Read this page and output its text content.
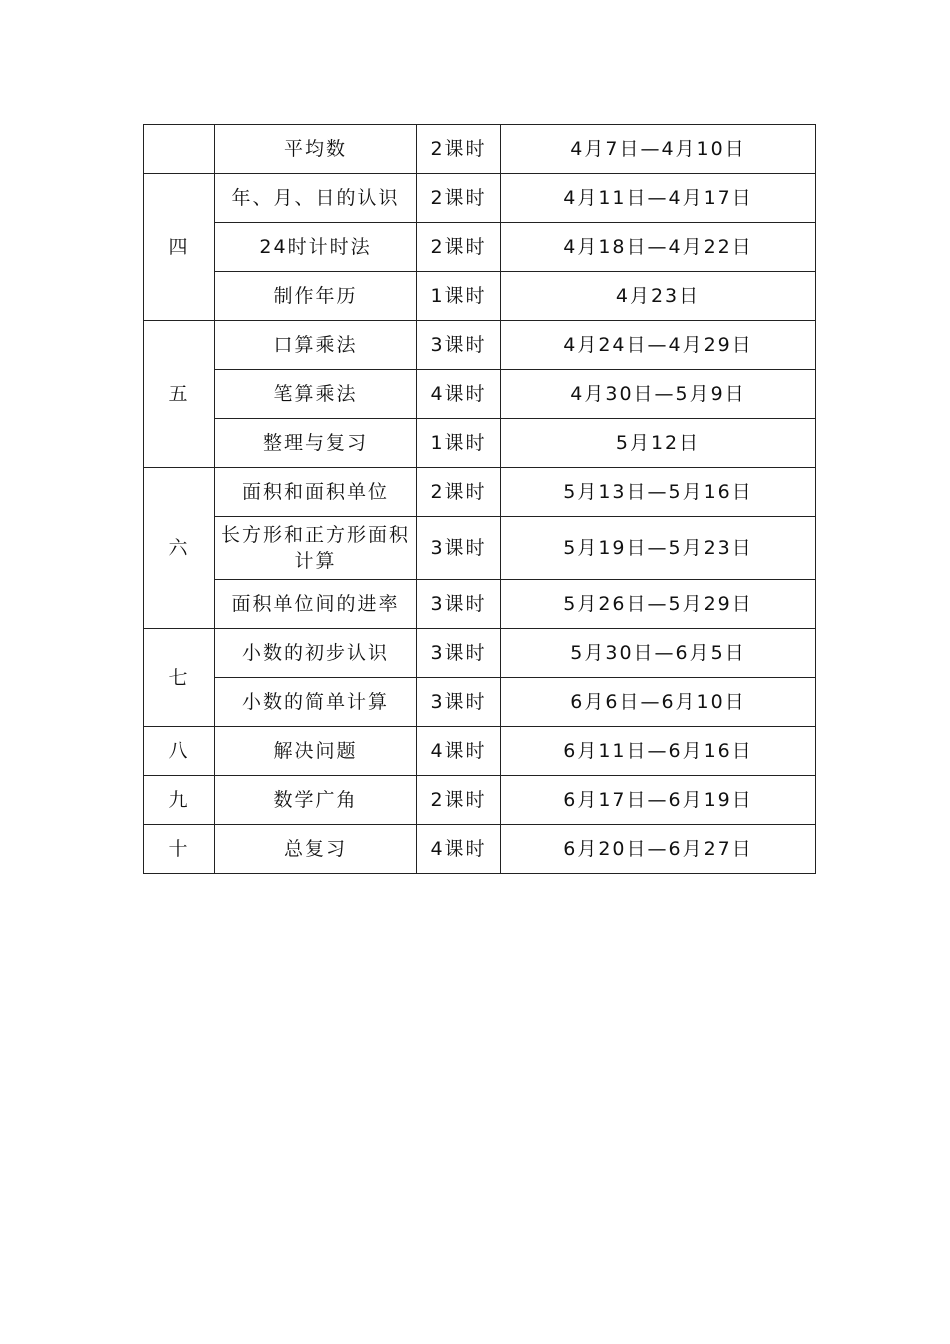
	平均数	2课时	4月7日—4月10日
四	年、月、日的认识	2课时	4月11日—4月17日
	24时计时法	2课时	4月18日—4月22日
	制作年历	1课时	4月23日
五	口算乘法	3课时	4月24日—4月29日
	笔算乘法	4课时	4月30日—5月9日
	整理与复习	1课时	5月12日
六	面积和面积单位	2课时	5月13日—5月16日
	长方形和正方形面积计算	3课时	5月19日—5月23日
	面积单位间的进率	3课时	5月26日—5月29日
七	小数的初步认识	3课时	5月30日—6月5日
	小数的简单计算	3课时	6月6日—6月10日
八	解决问题	4课时	6月11日—6月16日
九	数学广角	2课时	6月17日—6月19日
十	总复习	4课时	6月20日—6月27日
